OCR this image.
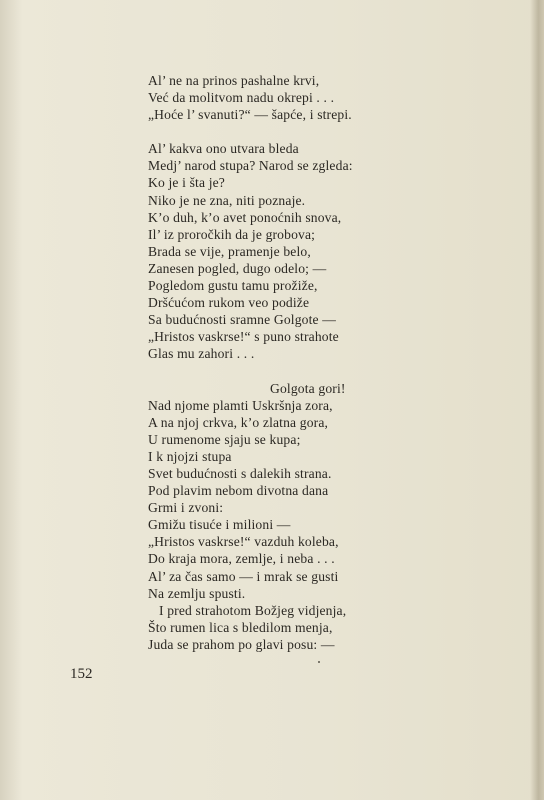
Al’ ne na prinos pashalne krvi,
Već da molitvom nadu okrepi . . .
„Hoće l’ svanuti?“ — šapće, i strepi.
Al’ kakva ono utvara bleda
Medj’ narod stupa? Narod se zgleda:
Ko je i šta je?
Niko je ne zna, niti poznaje.
K’o duh, k’o avet ponoćnih snova,
Il’ iz proročkih da je grobova;
Brada se vije, pramenje belo,
Zanesen pogled, dugo odelo; —
Pogledom gustu tamu prožiže,
Dršćućom rukom veo podiže
Sa budućnosti sramne Golgote —
„Hristos vaskrse!“ s puno strahote
Glas mu zahori . . .
Golgota gori!
Nad njome plamti Uskršnja zora,
A na njoj crkva, k’o zlatna gora,
U rumenome sjaju se kupa;
I k njojzi stupa
Svet budućnosti s dalekih strana.
Pod plavim nebom divotna dana
Grmi i zvoni:
Gmižu tisuće i milioni —
„Hristos vaskrse!“ vazduh koleba,
Do kraja mora, zemlje, i neba . . .
Al’ za čas samo — i mrak se gusti
Na zemlju spusti.
I pred strahotom Božjeg vidjenja,
Što rumen lica s bledilom menja,
Juda se prahom po glavi posu: —
152
